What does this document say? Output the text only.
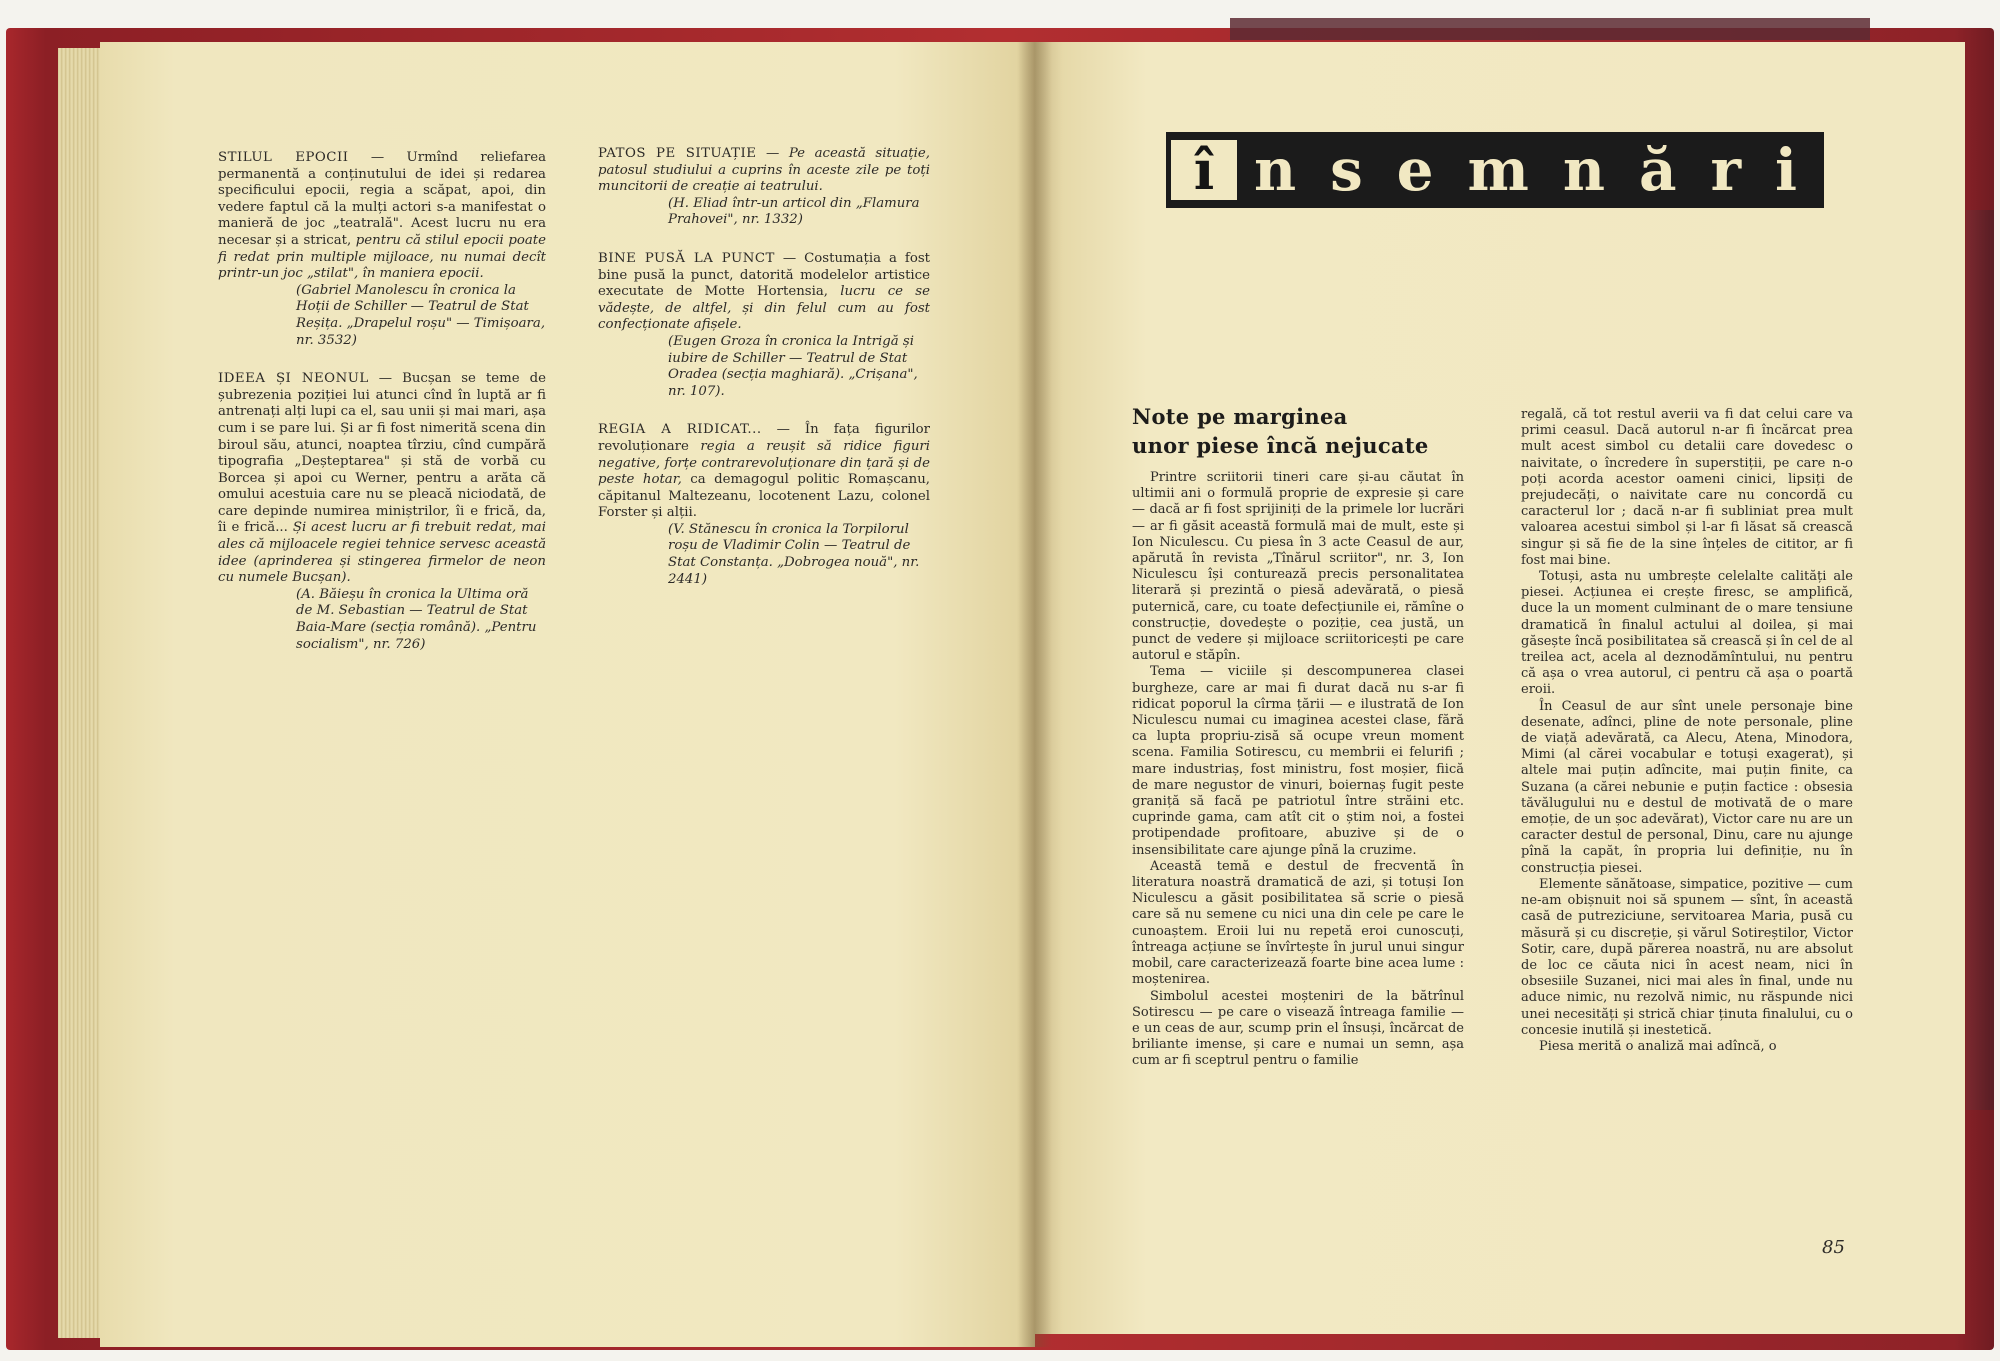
STILUL EPOCII — Urmînd reliefarea permanentă a conținutului de idei și redarea specificului epocii, regia a scăpat, apoi, din vedere faptul că la mulți actori s-a manifestat o manieră de joc „teatrală". Acest lucru nu era necesar și a stricat, pentru că stilul epocii poate fi redat prin multiple mijloace, nu numai decît printr-un joc „stilat", în maniera epocii.

(Gabriel Manolescu în cronica la Hoții de Schiller — Teatrul de Stat Reșița. „Drapelul roșu" — Timișoara, nr. 3532)

IDEEA ȘI NEONUL — Bucșan se teme de șubrezenia poziției lui atunci cînd în luptă ar fi antrenați alți lupi ca el, sau unii și mai mari, așa cum i se pare lui. Și ar fi fost nimerită scena din biroul său, atunci, noaptea tîrziu, cînd cumpără tipografia „Deșteptarea" și stă de vorbă cu Borcea și apoi cu Werner, pentru a arăta că omului acestuia care nu se pleacă niciodată, de care depinde numirea miniștrilor, îi e frică, da, îi e frică... Și acest lucru ar fi trebuit redat, mai ales că mijloacele regiei tehnice servesc această idee (aprinderea și stingerea firmelor de neon cu numele Bucșan).

(A. Băieșu în cronica la Ultima oră de M. Sebastian — Teatrul de Stat Baia-Mare (secția română). „Pentru socialism", nr. 726)

PATOS PE SITUAȚIE — Pe această situație, patosul studiului a cuprins în aceste zile pe toți muncitorii de creație ai teatrului.

(H. Eliad într-un articol din „Flamura Prahovei", nr. 1332)

BINE PUSĂ LA PUNCT — Costumația a fost bine pusă la punct, datorită modelelor artistice executate de Motte Hortensia, lucru ce se vădește, de altfel, și din felul cum au fost confecționate afișele.

(Eugen Groza în cronica la Intrigă și iubire de Schiller — Teatrul de Stat Oradea (secția maghiară). „Crișana", nr. 107).

REGIA A RIDICAT... — În fața figurilor revoluționare regia a reușit să ridice figuri negative, forțe contrarevoluționare din țară și de peste hotar, ca demagogul politic Romașcanu, căpitanul Maltezeanu, locotenent Lazu, colonel Forster și alții.

(V. Stănescu în cronica la Torpilorul roșu de Vladimir Colin — Teatrul de Stat Constanța. „Dobrogea nouă", nr. 2441)

î n s e m n ă r i
Note pe marginea
unor piese încă nejucate

Printre scriitorii tineri care și-au căutat în ultimii ani o formulă proprie de expresie și care — dacă ar fi fost sprijiniți de la primele lor lucrări — ar fi găsit această formulă mai de mult, este și Ion Niculescu. Cu piesa în 3 acte Ceasul de aur, apărută în revista „Tînărul scriitor", nr. 3, Ion Niculescu își conturează precis personalitatea literară și prezintă o piesă adevărată, o piesă puternică, care, cu toate defecțiunile ei, rămîne o construcție, dovedește o poziție, cea justă, un punct de vedere și mijloace scriitoricești pe care autorul e stăpîn.

Tema — viciile și descompunerea clasei burgheze, care ar mai fi durat dacă nu s-ar fi ridicat poporul la cîrma țării — e ilustrată de Ion Niculescu numai cu imaginea acestei clase, fără ca lupta propriu-zisă să ocupe vreun moment scena. Familia Sotirescu, cu membrii ei felurifi ; mare industriaș, fost ministru, fost moșier, fiică de mare negustor de vinuri, boiernaș fugit peste graniță să facă pe patriotul între străini etc. cuprinde gama, cam atît cit o știm noi, a fostei protipendade profitoare, abuzive și de o insensibilitate care ajunge pînă la cruzime.

Această temă e destul de frecventă în literatura noastră dramatică de azi, și totuși Ion Niculescu a găsit posibilitatea să scrie o piesă care să nu semene cu nici una din cele pe care le cunoaștem. Eroii lui nu repetă eroi cunoscuți, întreaga acțiune se învîrtește în jurul unui singur mobil, care caracterizează foarte bine acea lume : moștenirea.

Simbolul acestei moșteniri de la bătrînul Sotirescu — pe care o visează întreaga familie — e un ceas de aur, scump prin el însuși, încărcat de briliante imense, și care e numai un semn, așa cum ar fi sceptrul pentru o familie

regală, că tot restul averii va fi dat celui care va primi ceasul. Dacă autorul n-ar fi încărcat prea mult acest simbol cu detalii care dovedesc o naivitate, o încredere în superstiții, pe care n-o poți acorda acestor oameni cinici, lipsiți de prejudecăți, o naivitate care nu concordă cu caracterul lor ; dacă n-ar fi subliniat prea mult valoarea acestui simbol și l-ar fi lăsat să crească singur și să fie de la sine înțeles de cititor, ar fi fost mai bine.

Totuși, asta nu umbrește celelalte calități ale piesei. Acțiunea ei crește firesc, se amplifică, duce la un moment culminant de o mare tensiune dramatică în finalul actului al doilea, și mai găsește încă posibilitatea să crească și în cel de al treilea act, acela al deznodămîntului, nu pentru că așa o vrea autorul, ci pentru că așa o poartă eroii.

În Ceasul de aur sînt unele personaje bine desenate, adînci, pline de note personale, pline de viață adevărată, ca Alecu, Atena, Minodora, Mimi (al cărei vocabular e totuși exagerat), și altele mai puțin adîncite, mai puțin finite, ca Suzana (a cărei nebunie e puțin factice : obsesia tăvălugului nu e destul de motivată de o mare emoție, de un șoc adevărat), Victor care nu are un caracter destul de personal, Dinu, care nu ajunge pînă la capăt, în propria lui definiție, nu în construcția piesei.

Elemente sănătoase, simpatice, pozitive — cum ne-am obișnuit noi să spunem — sînt, în această casă de putreziciune, servitoarea Maria, pusă cu măsură și cu discreție, și vărul Sotireștilor, Victor Sotir, care, după părerea noastră, nu are absolut de loc ce căuta nici în acest neam, nici în obsesiile Suzanei, nici mai ales în final, unde nu aduce nimic, nu rezolvă nimic, nu răspunde nici unei necesități și strică chiar ținuta finalului, cu o concesie inutilă și inestetică.

Piesa merită o analiză mai adîncă, o

85
